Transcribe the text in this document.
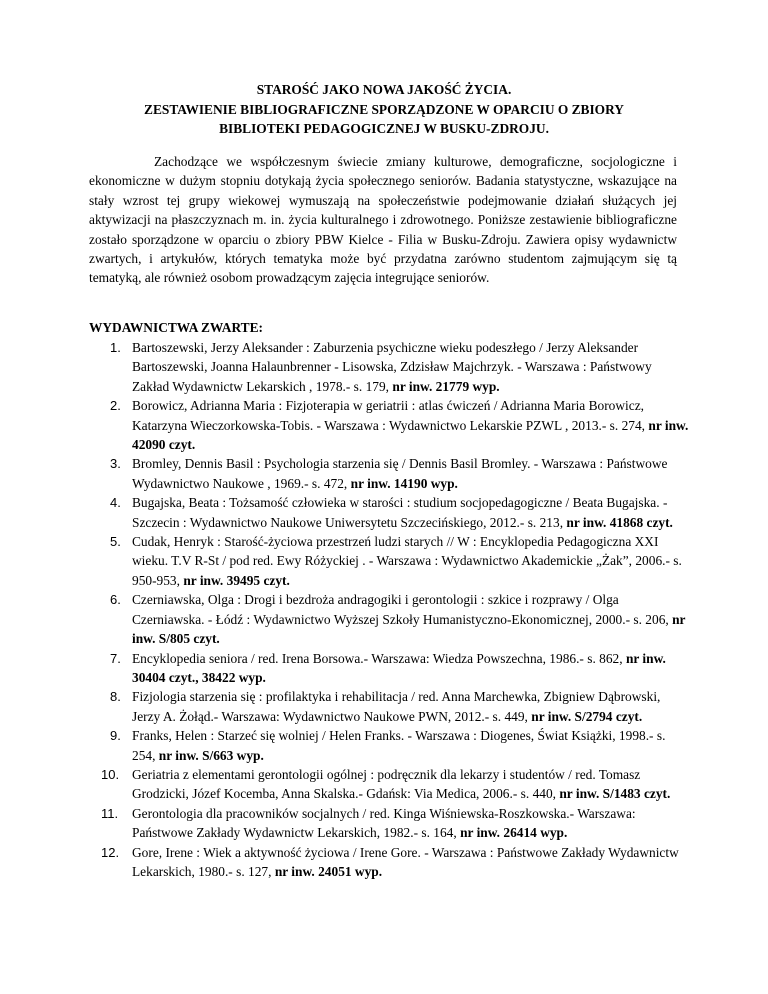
STAROŚĆ JAKO NOWA JAKOŚĆ ŻYCIA.
ZESTAWIENIE BIBLIOGRAFICZNE SPORZĄDZONE W OPARCIU O ZBIORY
BIBLIOTEKI PEDAGOGICZNEJ W BUSKU-ZDROJU.

Zachodzące we współczesnym świecie zmiany kulturowe, demograficzne, socjologiczne i ekonomiczne w dużym stopniu dotykają życia społecznego seniorów. Badania statystyczne, wskazujące na stały wzrost tej grupy wiekowej wymuszają na społeczeństwie podejmowanie działań służących jej aktywizacji na płaszczyznach m. in. życia kulturalnego i zdrowotnego. Poniższe zestawienie bibliograficzne zostało sporządzone w oparciu o zbiory PBW Kielce - Filia w Busku-Zdroju. Zawiera opisy wydawnictw zwartych, i artykułów, których tematyka może być przydatna zarówno studentom zajmującym się tą tematyką, ale również osobom prowadzącym zajęcia integrujące seniorów.

WYDAWNICTWA ZWARTE:
1. Bartoszewski, Jerzy Aleksander : Zaburzenia psychiczne wieku podeszłego / Jerzy Aleksander Bartoszewski, Joanna Halaunbrenner - Lisowska, Zdzisław Majchrzyk. - Warszawa : Państwowy Zakład Wydawnictw Lekarskich , 1978.- s. 179, nr inw. 21779 wyp.
2. Borowicz, Adrianna Maria : Fizjoterapia w geriatrii : atlas ćwiczeń / Adrianna Maria Borowicz, Katarzyna Wieczorkowska-Tobis. - Warszawa : Wydawnictwo Lekarskie PZWL , 2013.- s. 274, nr inw. 42090 czyt.
3. Bromley, Dennis Basil : Psychologia starzenia się / Dennis Basil Bromley. - Warszawa : Państwowe Wydawnictwo Naukowe , 1969.- s. 472, nr inw. 14190 wyp.
4. Bugajska, Beata : Tożsamość człowieka w starości : studium socjopedagogiczne / Beata Bugajska. - Szczecin : Wydawnictwo Naukowe Uniwersytetu Szczecińskiego, 2012.- s. 213, nr inw. 41868 czyt.
5. Cudak, Henryk : Starość-życiowa przestrzeń ludzi starych // W : Encyklopedia Pedagogiczna XXI wieku. T.V R-St / pod red. Ewy Różyckiej . - Warszawa : Wydawnictwo Akademickie „Żak”, 2006.- s. 950-953, nr inw. 39495 czyt.
6. Czerniawska, Olga : Drogi i bezdroża andragogiki i gerontologii : szkice i rozprawy / Olga Czerniawska. - Łódź : Wydawnictwo Wyższej Szkoły Humanistyczno-Ekonomicznej, 2000.- s. 206, nr inw. S/805 czyt.
7. Encyklopedia seniora / red. Irena Borsowa.- Warszawa: Wiedza Powszechna, 1986.- s. 862, nr inw. 30404 czyt., 38422 wyp.
8. Fizjologia starzenia się : profilaktyka i rehabilitacja / red. Anna Marchewka, Zbigniew Dąbrowski, Jerzy A. Żołąd.- Warszawa: Wydawnictwo Naukowe PWN, 2012.- s. 449, nr inw. S/2794 czyt.
9. Franks, Helen : Starzeć się wolniej / Helen Franks. - Warszawa : Diogenes, Świat Książki, 1998.- s. 254, nr inw. S/663 wyp.
10. Geriatria z elementami gerontologii ogólnej : podręcznik dla lekarzy i studentów / red. Tomasz Grodzicki, Józef Kocemba, Anna Skalska.- Gdańsk: Via Medica, 2006.- s. 440, nr inw. S/1483 czyt.
11. Gerontologia dla pracowników socjalnych / red. Kinga Wiśniewska-Roszkowska.- Warszawa: Państwowe Zakłady Wydawnictw Lekarskich, 1982.- s. 164, nr inw. 26414 wyp.
12. Gore, Irene : Wiek a aktywność życiowa / Irene Gore. - Warszawa : Państwowe Zakłady Wydawnictw Lekarskich, 1980.- s. 127, nr inw. 24051 wyp.
